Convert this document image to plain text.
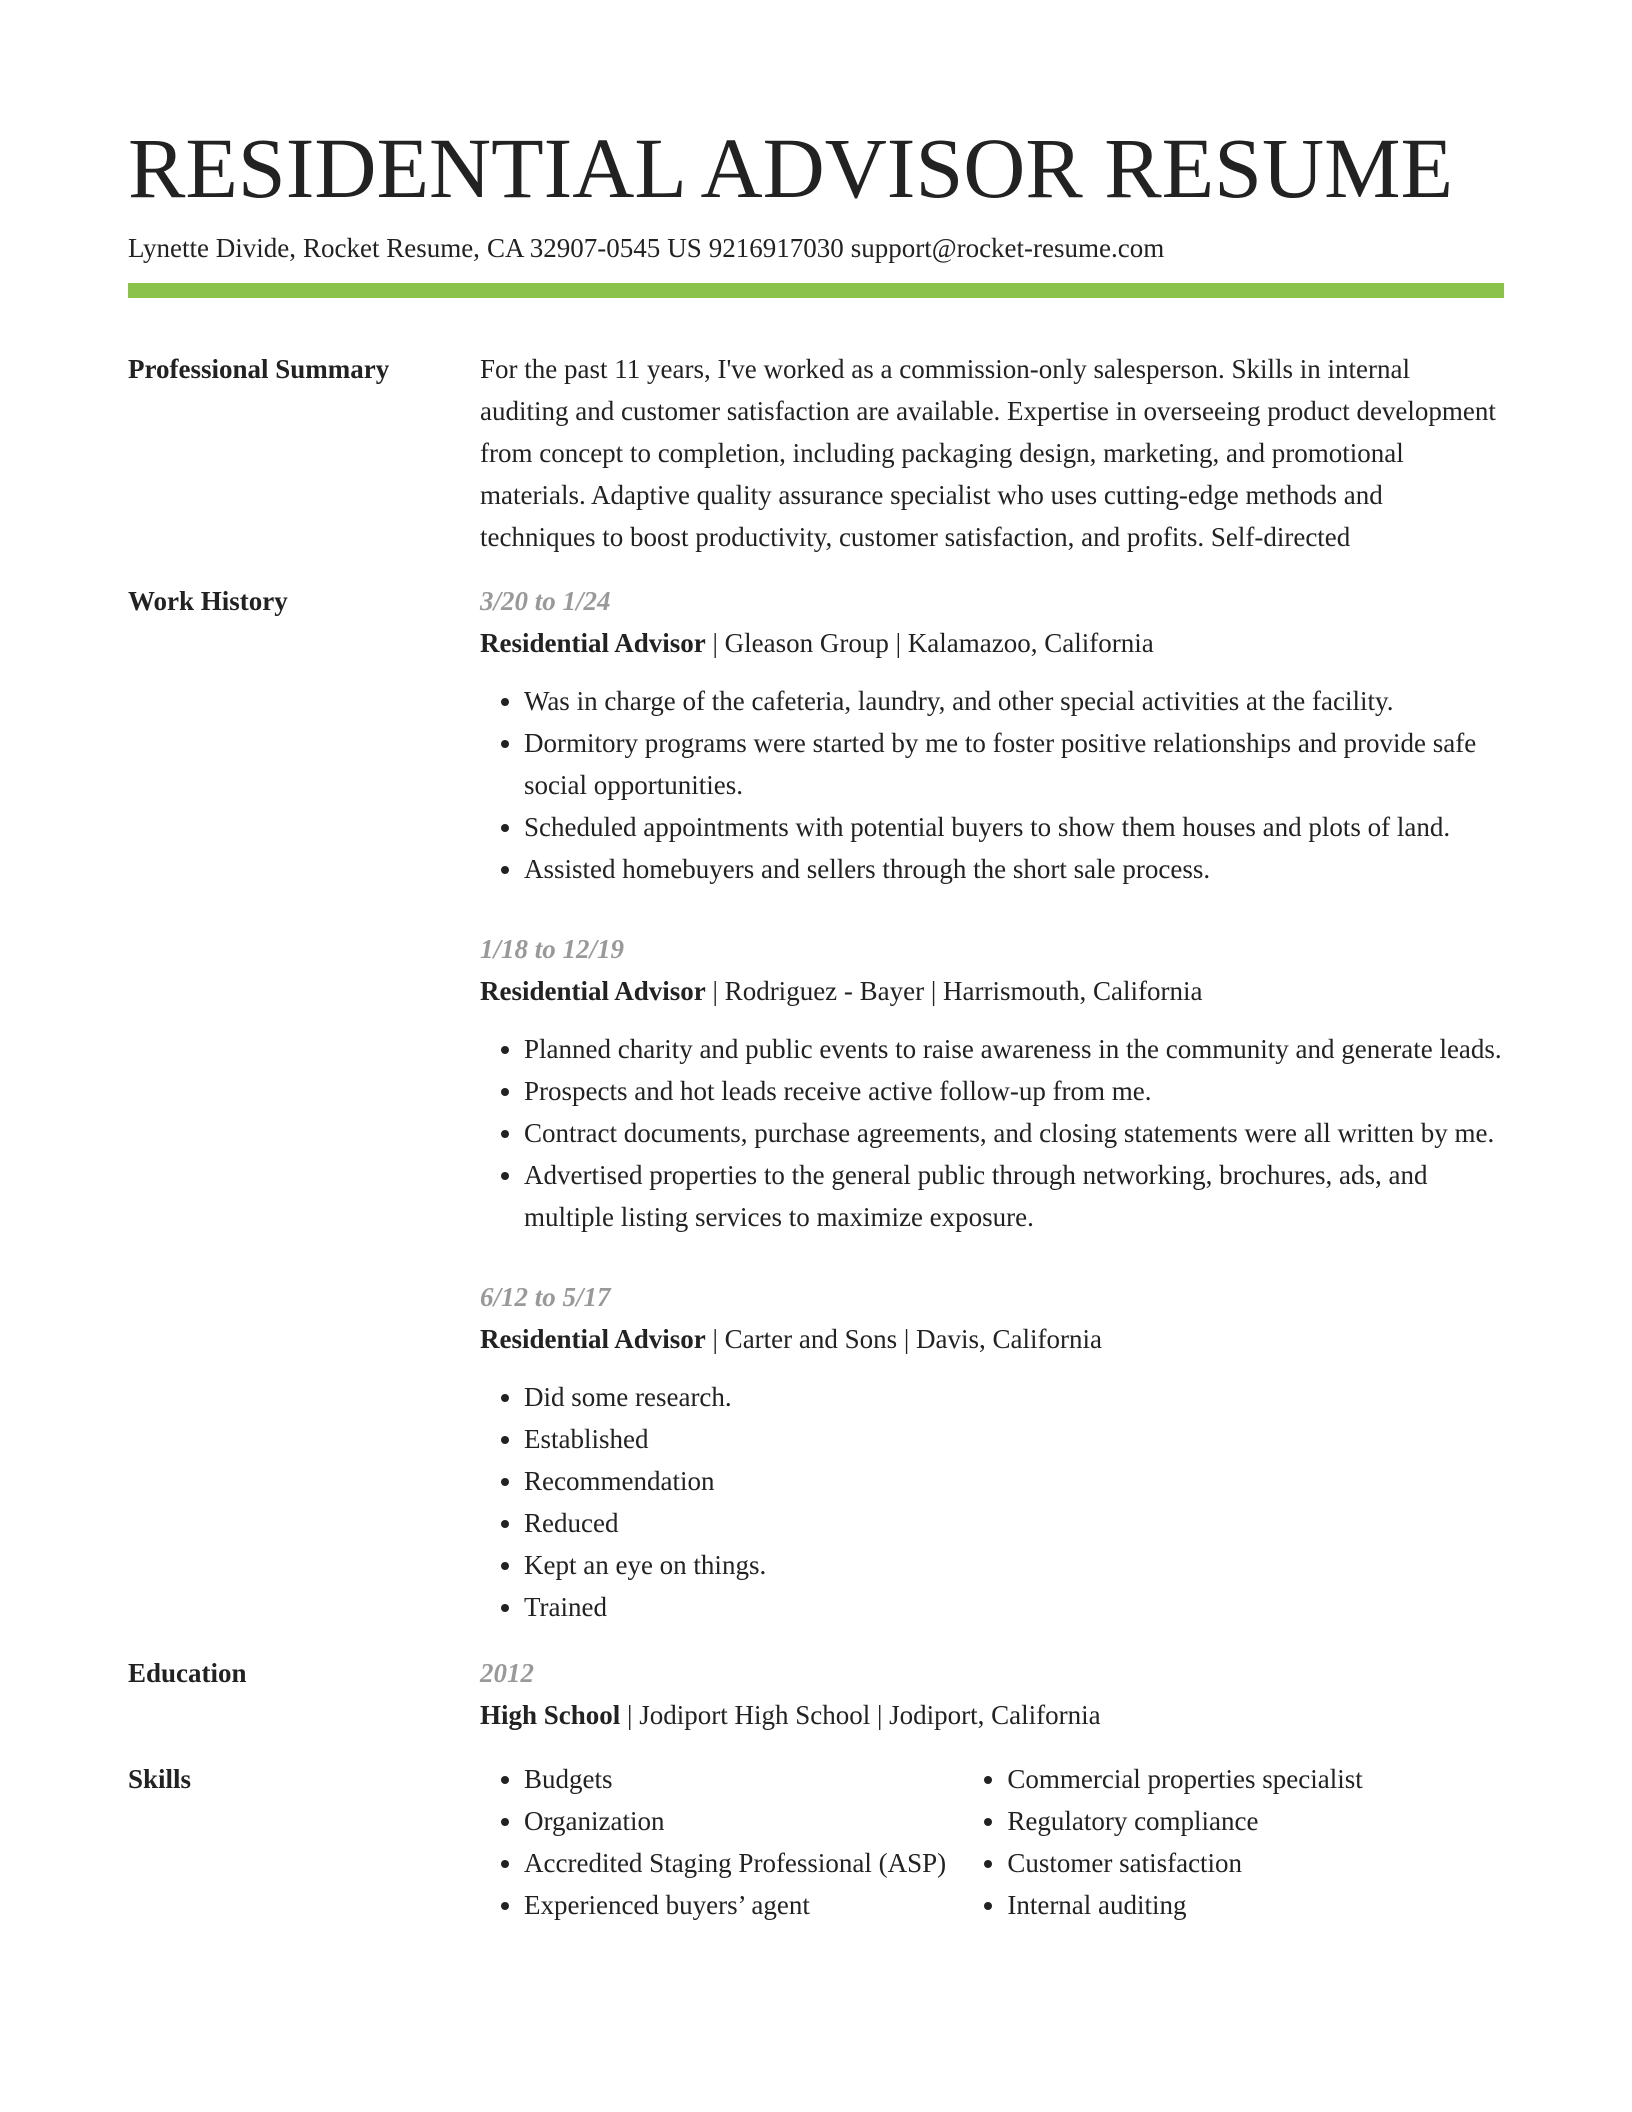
RESIDENTIAL ADVISOR RESUME
Lynette Divide, Rocket Resume, CA 32907-0545 US 9216917030 support@rocket-resume.com
Professional Summary	For the past 11 years, I've worked as a commission-only salesperson. Skills in internal auditing and customer satisfaction are available. Expertise in overseeing product development from concept to completion, including packaging design, marketing, and promotional materials. Adaptive quality assurance specialist who uses cutting-edge methods and techniques to boost productivity, customer satisfaction, and profits. Self-directed

Work History	3/20 to 1/24
Residential Advisor | Gleason Group | Kalamazoo, California
• Was in charge of the cafeteria, laundry, and other special activities at the facility.
• Dormitory programs were started by me to foster positive relationships and provide safe social opportunities.
• Scheduled appointments with potential buyers to show them houses and plots of land.
• Assisted homebuyers and sellers through the short sale process.
1/18 to 12/19
Residential Advisor | Rodriguez - Bayer | Harrismouth, California
• Planned charity and public events to raise awareness in the community and generate leads.
• Prospects and hot leads receive active follow-up from me.
• Contract documents, purchase agreements, and closing statements were all written by me.
• Advertised properties to the general public through networking, brochures, ads, and multiple listing services to maximize exposure.
6/12 to 5/17
Residential Advisor | Carter and Sons | Davis, California
• Did some research.
• Established
• Recommendation
• Reduced
• Kept an eye on things.
• Trained
Education	2012
High School | Jodiport High School | Jodiport, California
Skills
•	Budgets
• Organization
• Accredited Staging Professional (ASP)
• Experienced buyers’ agent
• Commercial properties specialist
• Regulatory compliance
• Customer satisfaction
• Internal auditing
